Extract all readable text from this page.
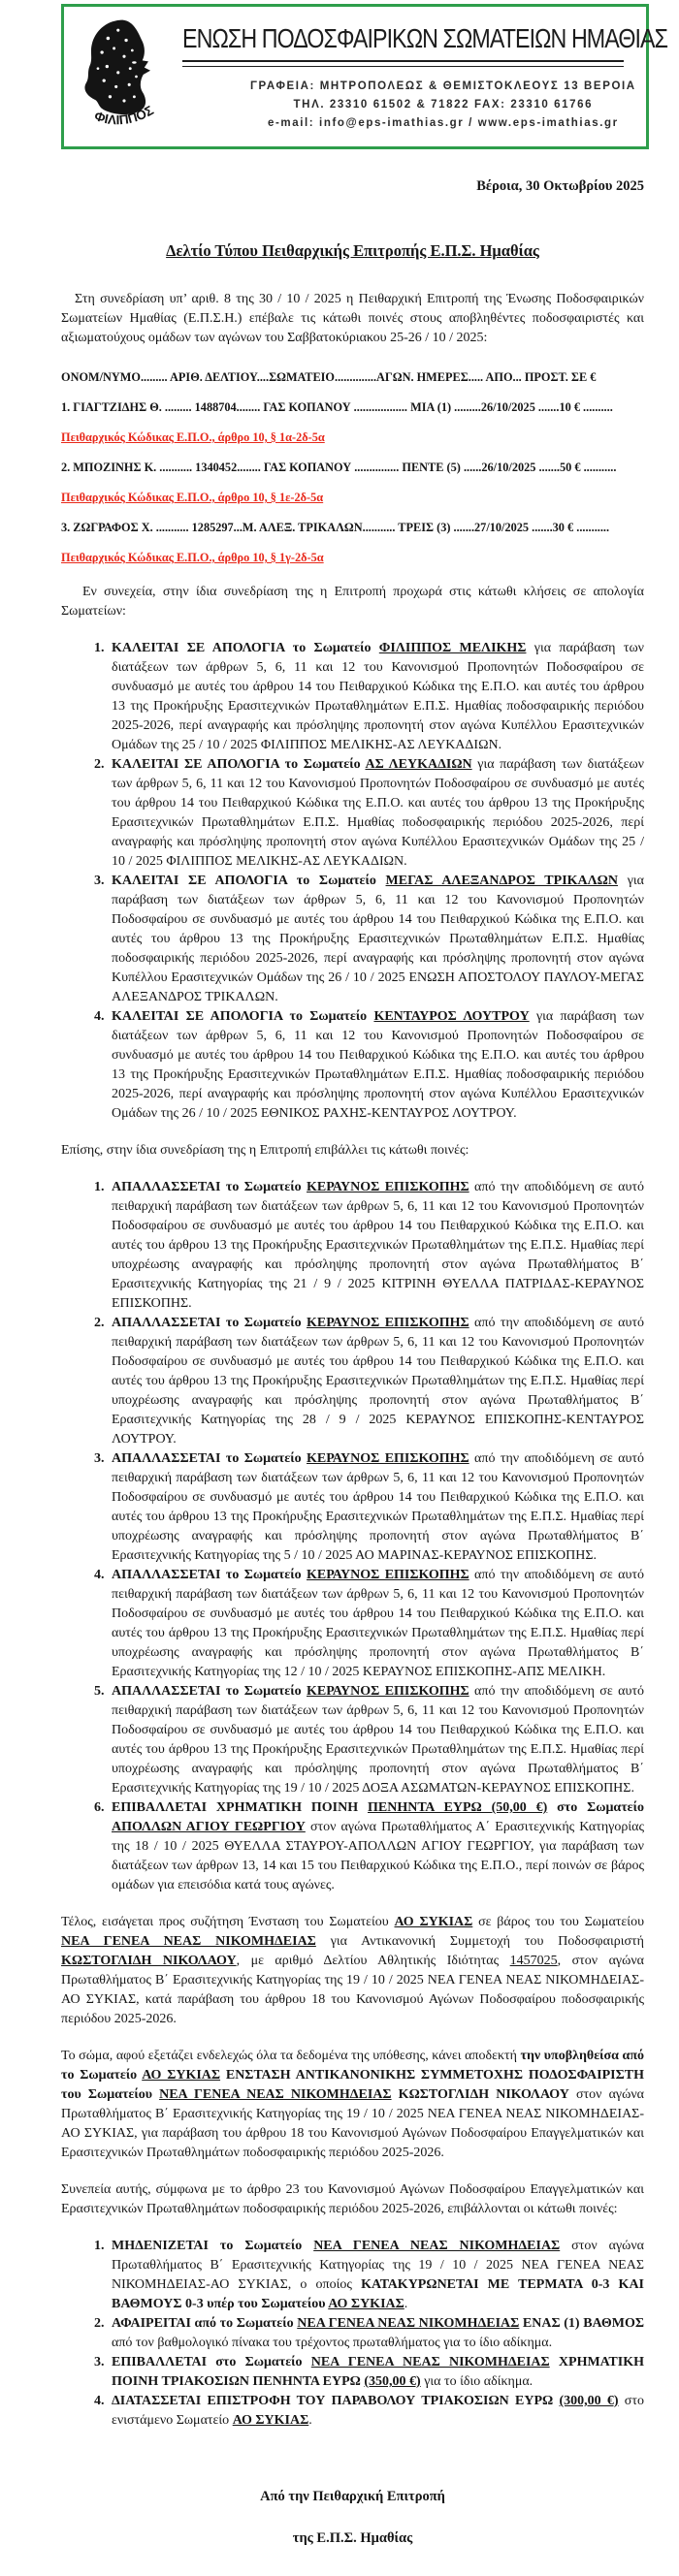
ΦΙΛΙΠΠΟΣ
ΕΝΩΣΗ ΠΟΔΟΣΦΑΙΡΙΚΩΝ ΣΩΜΑΤΕΙΩΝ ΗΜΑΘΙΑΣ
ΓΡΑΦΕΙΑ: ΜΗΤΡΟΠΟΛΕΩΣ & ΘΕΜΙΣΤΟΚΛΕΟΥΣ 13 ΒΕΡΟΙΑ
ΤΗΛ. 23310 61502 & 71822 FAX: 23310 61766
e-mail: info@eps-imathias.gr / www.eps-imathias.gr
Βέροια, 30 Οκτωβρίου 2025
Δελτίο Τύπου Πειθαρχικής Επιτροπής Ε.Π.Σ. Ημαθίας

Στη συνεδρίαση υπ’ αριθ. 8 της 30 / 10 / 2025 η Πειθαρχική Επιτροπή της Ένωσης Ποδοσφαιρικών Σωματείων Ημαθίας (Ε.Π.Σ.Η.) επέβαλε τις κάτωθι ποινές στους αποβληθέντες ποδοσφαιριστές και αξιωματούχους ομάδων των αγώνων του Σαββατοκύριακου 25-26 / 10 / 2025:

ΟΝΟΜ/ΝΥΜΟ......... ΑΡΙΘ. ΔΕΛΤΙΟΥ....ΣΩΜΑΤΕΙΟ..............ΑΓΩΝ. ΗΜΕΡΕΣ..... ΑΠΟ... ΠΡΟΣΤ. ΣΕ €
1. ΓΙΑΓΤΖΙΔΗΣ Θ. ......... 1488704........ ΓΑΣ ΚΟΠΑΝΟΥ .................. ΜΙΑ (1) .........26/10/2025 .......10 € ..........
Πειθαρχικός Κώδικας Ε.Π.Ο., άρθρο 10, § 1α-2δ-5α
2. ΜΠΟΖΙΝΗΣ Κ. ........... 1340452........ ΓΑΣ ΚΟΠΑΝΟΥ ............... ΠΕΝΤΕ (5) ......26/10/2025 .......50 € ...........
Πειθαρχικός Κώδικας Ε.Π.Ο., άρθρο 10, § 1ε-2δ-5α
3. ΖΩΓΡΑΦΟΣ Χ. ........... 1285297...Μ. ΑΛΕΞ. ΤΡΙΚΑΛΩΝ........... ΤΡΕΙΣ (3) .......27/10/2025 .......30 € ...........
Πειθαρχικός Κώδικας Ε.Π.Ο., άρθρο 10, § 1γ-2δ-5α

Εν συνεχεία, στην ίδια συνεδρίαση της η Επιτροπή προχωρά στις κάτωθι κλήσεις σε απολογία Σωματείων:

1. ΚΑΛΕΙΤΑΙ ΣΕ ΑΠΟΛΟΓΙΑ το Σωματείο ΦΙΛΙΠΠΟΣ ΜΕΛΙΚΗΣ για παράβαση των διατάξεων των άρθρων 5, 6, 11 και 12 του Κανονισμού Προπονητών Ποδοσφαίρου σε συνδυασμό με αυτές του άρθρου 14 του Πειθαρχικού Κώδικα της Ε.Π.Ο. και αυτές του άρθρου 13 της Προκήρυξης Ερασιτεχνικών Πρωταθλημάτων Ε.Π.Σ. Ημαθίας ποδοσφαιρικής περιόδου 2025-2026, περί αναγραφής και πρόσληψης προπονητή στον αγώνα Κυπέλλου Ερασιτεχνικών Ομάδων της 25 / 10 / 2025 ΦΙΛΙΠΠΟΣ ΜΕΛΙΚΗΣ-ΑΣ ΛΕΥΚΑΔΙΩΝ.
2. ΚΑΛΕΙΤΑΙ ΣΕ ΑΠΟΛΟΓΙΑ το Σωματείο ΑΣ ΛΕΥΚΑΔΙΩΝ για παράβαση των διατάξεων των άρθρων 5, 6, 11 και 12 του Κανονισμού Προπονητών Ποδοσφαίρου σε συνδυασμό με αυτές του άρθρου 14 του Πειθαρχικού Κώδικα της Ε.Π.Ο. και αυτές του άρθρου 13 της Προκήρυξης Ερασιτεχνικών Πρωταθλημάτων Ε.Π.Σ. Ημαθίας ποδοσφαιρικής περιόδου 2025-2026, περί αναγραφής και πρόσληψης προπονητή στον αγώνα Κυπέλλου Ερασιτεχνικών Ομάδων της 25 / 10 / 2025 ΦΙΛΙΠΠΟΣ ΜΕΛΙΚΗΣ-ΑΣ ΛΕΥΚΑΔΙΩΝ.
3. ΚΑΛΕΙΤΑΙ ΣΕ ΑΠΟΛΟΓΙΑ το Σωματείο ΜΕΓΑΣ ΑΛΕΞΑΝΔΡΟΣ ΤΡΙΚΑΛΩΝ για παράβαση των διατάξεων των άρθρων 5, 6, 11 και 12 του Κανονισμού Προπονητών Ποδοσφαίρου σε συνδυασμό με αυτές του άρθρου 14 του Πειθαρχικού Κώδικα της Ε.Π.Ο. και αυτές του άρθρου 13 της Προκήρυξης Ερασιτεχνικών Πρωταθλημάτων Ε.Π.Σ. Ημαθίας ποδοσφαιρικής περιόδου 2025-2026, περί αναγραφής και πρόσληψης προπονητή στον αγώνα Κυπέλλου Ερασιτεχνικών Ομάδων της 26 / 10 / 2025 ΕΝΩΣΗ ΑΠΟΣΤΟΛΟΥ ΠΑΥΛΟΥ-ΜΕΓΑΣ ΑΛΕΞΑΝΔΡΟΣ ΤΡΙΚΑΛΩΝ.
4. ΚΑΛΕΙΤΑΙ ΣΕ ΑΠΟΛΟΓΙΑ το Σωματείο ΚΕΝΤΑΥΡΟΣ ΛΟΥΤΡΟΥ για παράβαση των διατάξεων των άρθρων 5, 6, 11 και 12 του Κανονισμού Προπονητών Ποδοσφαίρου σε συνδυασμό με αυτές του άρθρου 14 του Πειθαρχικού Κώδικα της Ε.Π.Ο. και αυτές του άρθρου 13 της Προκήρυξης Ερασιτεχνικών Πρωταθλημάτων Ε.Π.Σ. Ημαθίας ποδοσφαιρικής περιόδου 2025-2026, περί αναγραφής και πρόσληψης προπονητή στον αγώνα Κυπέλλου Ερασιτεχνικών Ομάδων της 26 / 10 / 2025 ΕΘΝΙΚΟΣ ΡΑΧΗΣ-ΚΕΝΤΑΥΡΟΣ ΛΟΥΤΡΟΥ.

Επίσης, στην ίδια συνεδρίαση της η Επιτροπή επιβάλλει τις κάτωθι ποινές:

1. ΑΠΑΛΛΑΣΣΕΤΑΙ το Σωματείο ΚΕΡΑΥΝΟΣ ΕΠΙΣΚΟΠΗΣ από την αποδιδόμενη σε αυτό πειθαρχική παράβαση των διατάξεων των άρθρων 5, 6, 11 και 12 του Κανονισμού Προπονητών Ποδοσφαίρου σε συνδυασμό με αυτές του άρθρου 14 του Πειθαρχικού Κώδικα της Ε.Π.Ο. και αυτές του άρθρου 13 της Προκήρυξης Ερασιτεχνικών Πρωταθλημάτων της Ε.Π.Σ. Ημαθίας περί υποχρέωσης αναγραφής και πρόσληψης προπονητή στον αγώνα Πρωταθλήματος Β΄ Ερασιτεχνικής Κατηγορίας της 21 / 9 / 2025 ΚΙΤΡΙΝΗ ΘΥΕΛΛΑ ΠΑΤΡΙΔΑΣ-ΚΕΡΑΥΝΟΣ ΕΠΙΣΚΟΠΗΣ.
2. ΑΠΑΛΛΑΣΣΕΤΑΙ το Σωματείο ΚΕΡΑΥΝΟΣ ΕΠΙΣΚΟΠΗΣ από την αποδιδόμενη σε αυτό πειθαρχική παράβαση των διατάξεων των άρθρων 5, 6, 11 και 12 του Κανονισμού Προπονητών Ποδοσφαίρου σε συνδυασμό με αυτές του άρθρου 14 του Πειθαρχικού Κώδικα της Ε.Π.Ο. και αυτές του άρθρου 13 της Προκήρυξης Ερασιτεχνικών Πρωταθλημάτων της Ε.Π.Σ. Ημαθίας περί υποχρέωσης αναγραφής και πρόσληψης προπονητή στον αγώνα Πρωταθλήματος Β΄ Ερασιτεχνικής Κατηγορίας της 28 / 9 / 2025 ΚΕΡΑΥΝΟΣ ΕΠΙΣΚΟΠΗΣ-ΚΕΝΤΑΥΡΟΣ ΛΟΥΤΡΟΥ.
3. ΑΠΑΛΛΑΣΣΕΤΑΙ το Σωματείο ΚΕΡΑΥΝΟΣ ΕΠΙΣΚΟΠΗΣ από την αποδιδόμενη σε αυτό πειθαρχική παράβαση των διατάξεων των άρθρων 5, 6, 11 και 12 του Κανονισμού Προπονητών Ποδοσφαίρου σε συνδυασμό με αυτές του άρθρου 14 του Πειθαρχικού Κώδικα της Ε.Π.Ο. και αυτές του άρθρου 13 της Προκήρυξης Ερασιτεχνικών Πρωταθλημάτων της Ε.Π.Σ. Ημαθίας περί υποχρέωσης αναγραφής και πρόσληψης προπονητή στον αγώνα Πρωταθλήματος Β΄ Ερασιτεχνικής Κατηγορίας της 5 / 10 / 2025 ΑΟ ΜΑΡΙΝΑΣ-ΚΕΡΑΥΝΟΣ ΕΠΙΣΚΟΠΗΣ.
4. ΑΠΑΛΛΑΣΣΕΤΑΙ το Σωματείο ΚΕΡΑΥΝΟΣ ΕΠΙΣΚΟΠΗΣ από την αποδιδόμενη σε αυτό πειθαρχική παράβαση των διατάξεων των άρθρων 5, 6, 11 και 12 του Κανονισμού Προπονητών Ποδοσφαίρου σε συνδυασμό με αυτές του άρθρου 14 του Πειθαρχικού Κώδικα της Ε.Π.Ο. και αυτές του άρθρου 13 της Προκήρυξης Ερασιτεχνικών Πρωταθλημάτων της Ε.Π.Σ. Ημαθίας περί υποχρέωσης αναγραφής και πρόσληψης προπονητή στον αγώνα Πρωταθλήματος Β΄ Ερασιτεχνικής Κατηγορίας της 12 / 10 / 2025 ΚΕΡΑΥΝΟΣ ΕΠΙΣΚΟΠΗΣ-ΑΠΣ ΜΕΛΙΚΗ.
5. ΑΠΑΛΛΑΣΣΕΤΑΙ το Σωματείο ΚΕΡΑΥΝΟΣ ΕΠΙΣΚΟΠΗΣ από την αποδιδόμενη σε αυτό πειθαρχική παράβαση των διατάξεων των άρθρων 5, 6, 11 και 12 του Κανονισμού Προπονητών Ποδοσφαίρου σε συνδυασμό με αυτές του άρθρου 14 του Πειθαρχικού Κώδικα της Ε.Π.Ο. και αυτές του άρθρου 13 της Προκήρυξης Ερασιτεχνικών Πρωταθλημάτων της Ε.Π.Σ. Ημαθίας περί υποχρέωσης αναγραφής και πρόσληψης προπονητή στον αγώνα Πρωταθλήματος Β΄ Ερασιτεχνικής Κατηγορίας της 19 / 10 / 2025 ΔΟΞΑ ΑΣΩΜΑΤΩΝ-ΚΕΡΑΥΝΟΣ ΕΠΙΣΚΟΠΗΣ.
6. ΕΠΙΒΑΛΛΕΤΑΙ ΧΡΗΜΑΤΙΚΗ ΠΟΙΝΗ ΠΕΝΗΝΤΑ ΕΥΡΩ (50,00 €) στο Σωματείο ΑΠΟΛΛΩΝ ΑΓΙΟΥ ΓΕΩΡΓΙΟΥ στον αγώνα Πρωταθλήματος Α΄ Ερασιτεχνικής Κατηγορίας της 18 / 10 / 2025 ΘΥΕΛΛΑ ΣΤΑΥΡΟΥ-ΑΠΟΛΛΩΝ ΑΓΙΟΥ ΓΕΩΡΓΙΟΥ, για παράβαση των διατάξεων των άρθρων 13, 14 και 15 του Πειθαρχικού Κώδικα της Ε.Π.Ο., περί ποινών σε βάρος ομάδων για επεισόδια κατά τους αγώνες.

Τέλος, εισάγεται προς συζήτηση Ένσταση του Σωματείου ΑΟ ΣΥΚΙΑΣ σε βάρος του του Σωματείου ΝΕΑ ΓΕΝΕΑ ΝΕΑΣ ΝΙΚΟΜΗΔΕΙΑΣ για Αντικανονική Συμμετοχή του Ποδοσφαιριστή ΚΩΣΤΟΓΛΙΔΗ ΝΙΚΟΛΑΟΥ, με αριθμό Δελτίου Αθλητικής Ιδιότητας 1457025, στον αγώνα Πρωταθλήματος Β΄ Ερασιτεχνικής Κατηγορίας της 19 / 10 / 2025 ΝΕΑ ΓΕΝΕΑ ΝΕΑΣ ΝΙΚΟΜΗΔΕΙΑΣ-ΑΟ ΣΥΚΙΑΣ, κατά παράβαση του άρθρου 18 του Κανονισμού Αγώνων Ποδοσφαίρου ποδοσφαιρικής περιόδου 2025-2026.

Το σώμα, αφού εξετάζει ενδελεχώς όλα τα δεδομένα της υπόθεσης, κάνει αποδεκτή την υποβληθείσα από το Σωματείο ΑΟ ΣΥΚΙΑΣ ΕΝΣΤΑΣΗ ΑΝΤΙΚΑΝΟΝΙΚΗΣ ΣΥΜΜΕΤΟΧΗΣ ΠΟΔΟΣΦΑΙΡΙΣΤΗ του Σωματείου ΝΕΑ ΓΕΝΕΑ ΝΕΑΣ ΝΙΚΟΜΗΔΕΙΑΣ ΚΩΣΤΟΓΛΙΔΗ ΝΙΚΟΛΑΟΥ στον αγώνα Πρωταθλήματος Β΄ Ερασιτεχνικής Κατηγορίας της 19 / 10 / 2025 ΝΕΑ ΓΕΝΕΑ ΝΕΑΣ ΝΙΚΟΜΗΔΕΙΑΣ-ΑΟ ΣΥΚΙΑΣ, για παράβαση του άρθρου 18 του Κανονισμού Αγώνων Ποδοσφαίρου Επαγγελματικών και Ερασιτεχνικών Πρωταθλημάτων ποδοσφαιρικής περιόδου 2025-2026.

Συνεπεία αυτής, σύμφωνα με το άρθρο 23 του Κανονισμού Αγώνων Ποδοσφαίρου Επαγγελματικών και Ερασιτεχνικών Πρωταθλημάτων ποδοσφαιρικής περιόδου 2025-2026, επιβάλλονται οι κάτωθι ποινές:

1. ΜΗΔΕΝΙΖΕΤΑΙ το Σωματείο ΝΕΑ ΓΕΝΕΑ ΝΕΑΣ ΝΙΚΟΜΗΔΕΙΑΣ στον αγώνα Πρωταθλήματος Β΄ Ερασιτεχνικής Κατηγορίας της 19 / 10 / 2025 ΝΕΑ ΓΕΝΕΑ ΝΕΑΣ ΝΙΚΟΜΗΔΕΙΑΣ-ΑΟ ΣΥΚΙΑΣ, ο οποίος ΚΑΤΑΚΥΡΩΝΕΤΑΙ ΜΕ ΤΕΡΜΑΤΑ 0-3 ΚΑΙ ΒΑΘΜΟΥΣ 0-3 υπέρ του Σωματείου ΑΟ ΣΥΚΙΑΣ.
2. ΑΦΑΙΡΕΙΤΑΙ από το Σωματείο ΝΕΑ ΓΕΝΕΑ ΝΕΑΣ ΝΙΚΟΜΗΔΕΙΑΣ ΕΝΑΣ (1) ΒΑΘΜΟΣ από τον βαθμολογικό πίνακα του τρέχοντος πρωταθλήματος για το ίδιο αδίκημα.
3. ΕΠΙΒΑΛΛΕΤΑΙ στο Σωματείο ΝΕΑ ΓΕΝΕΑ ΝΕΑΣ ΝΙΚΟΜΗΔΕΙΑΣ ΧΡΗΜΑΤΙΚΗ ΠΟΙΝΗ ΤΡΙΑΚΟΣΙΩΝ ΠΕΝΗΝΤΑ ΕΥΡΩ (350,00 €) για το ίδιο αδίκημα.
4. ΔΙΑΤΑΣΣΕΤΑΙ ΕΠΙΣΤΡΟΦΗ ΤΟΥ ΠΑΡΑΒΟΛΟΥ ΤΡΙΑΚΟΣΙΩΝ ΕΥΡΩ (300,00 €) στο ενιστάμενο Σωματείο ΑΟ ΣΥΚΙΑΣ.
Από την Πειθαρχική Επιτροπή
της Ε.Π.Σ. Ημαθίας
